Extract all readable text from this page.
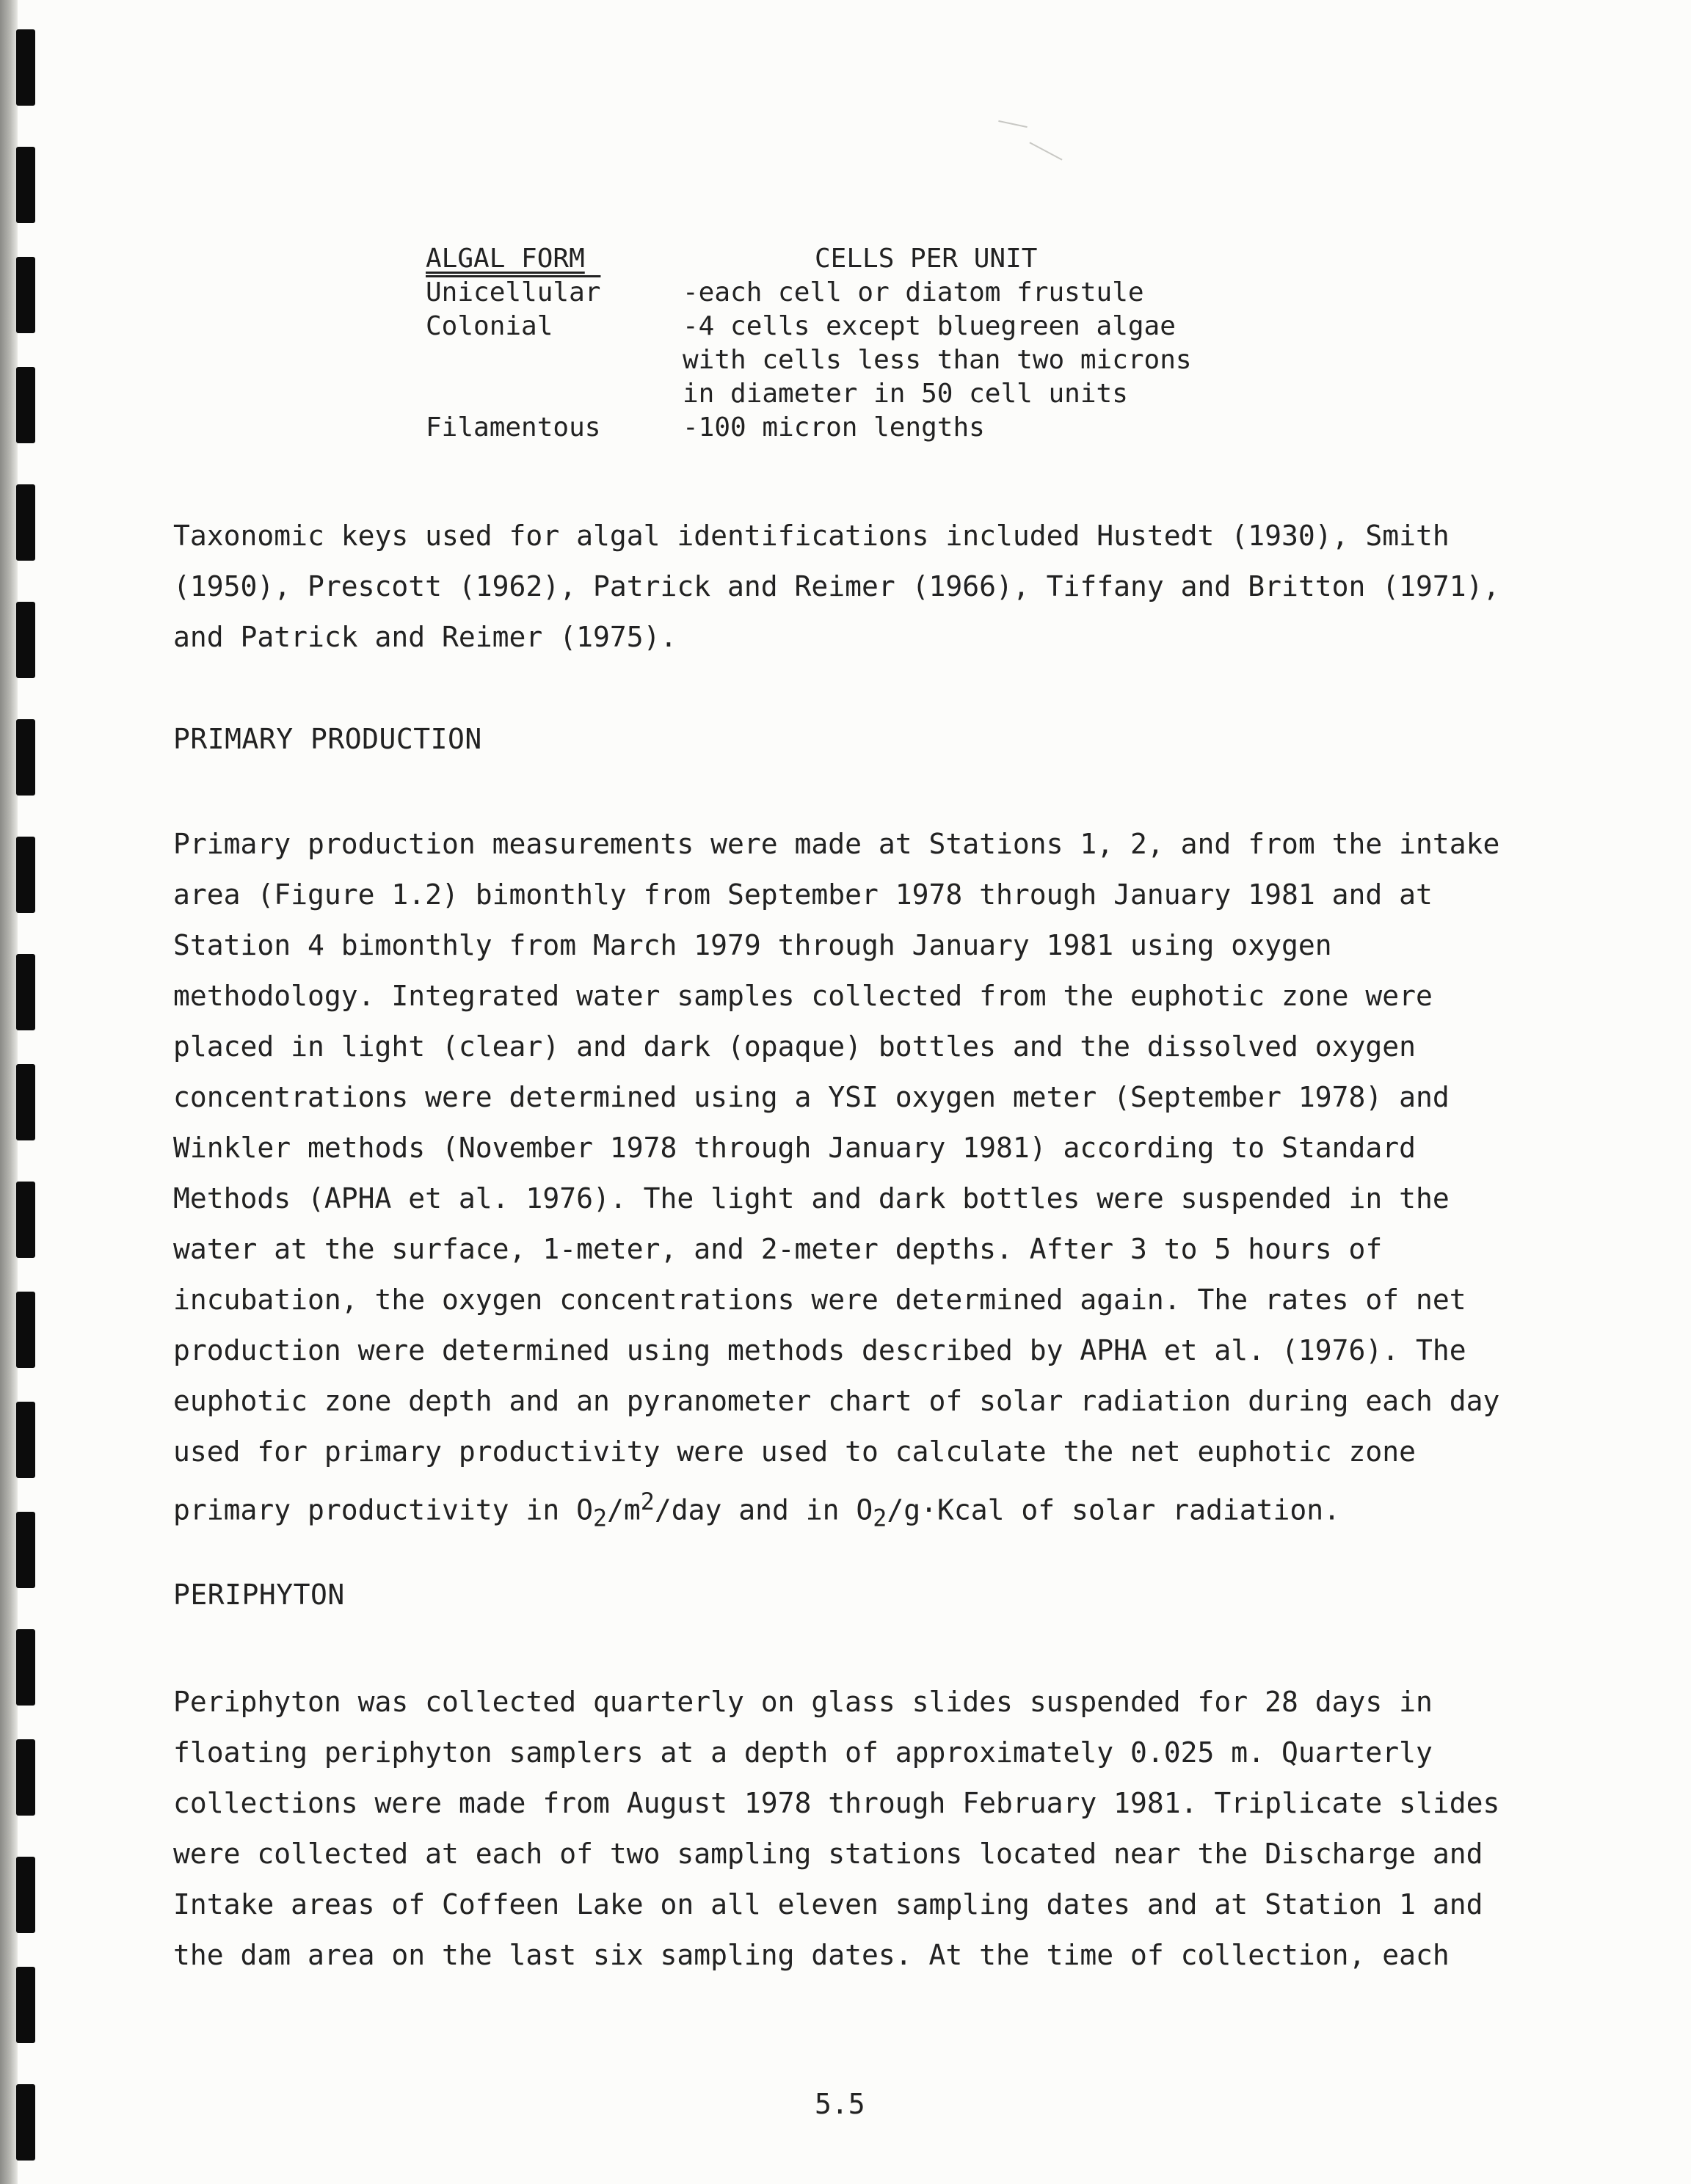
ALGAL FORM	CELLS PER UNIT
Unicellular	-each cell or diatom frustule
Colonial	-4 cells except bluegreen algae
with cells less than two microns
in diameter in 50 cell units
Filamentous	-100 micron lengths
Taxonomic keys used for algal identifications included Hustedt (1930), Smith
(1950), Prescott (1962), Patrick and Reimer (1966), Tiffany and Britton (1971),
and Patrick and Reimer (1975).
PRIMARY PRODUCTION
Primary production measurements were made at Stations 1, 2, and from the intake
area (Figure 1.2) bimonthly from September 1978 through January 1981 and at
Station 4 bimonthly from March 1979 through January 1981 using oxygen
methodology. Integrated water samples collected from the euphotic zone were
placed in light (clear) and dark (opaque) bottles and the dissolved oxygen
concentrations were determined using a YSI oxygen meter (September 1978) and
Winkler methods (November 1978 through January 1981) according to Standard
Methods (APHA et al. 1976). The light and dark bottles were suspended in the
water at the surface, 1-meter, and 2-meter depths. After 3 to 5 hours of
incubation, the oxygen concentrations were determined again. The rates of net
production were determined using methods described by APHA et al. (1976). The
euphotic zone depth and an pyranometer chart of solar radiation during each day
used for primary productivity were used to calculate the net euphotic zone
primary productivity in $O_2/m^2$/day and in $O_2/g\cdot Kcal$ of solar radiation.
PERIPHYTON
Periphyton was collected quarterly on glass slides suspended for 28 days in
floating periphyton samplers at a depth of approximately 0.025 m. Quarterly
collections were made from August 1978 through February 1981. Triplicate slides
were collected at each of two sampling stations located near the Discharge and
Intake areas of Coffeen Lake on all eleven sampling dates and at Station 1 and
the dam area on the last six sampling dates. At the time of collection, each
5.5
